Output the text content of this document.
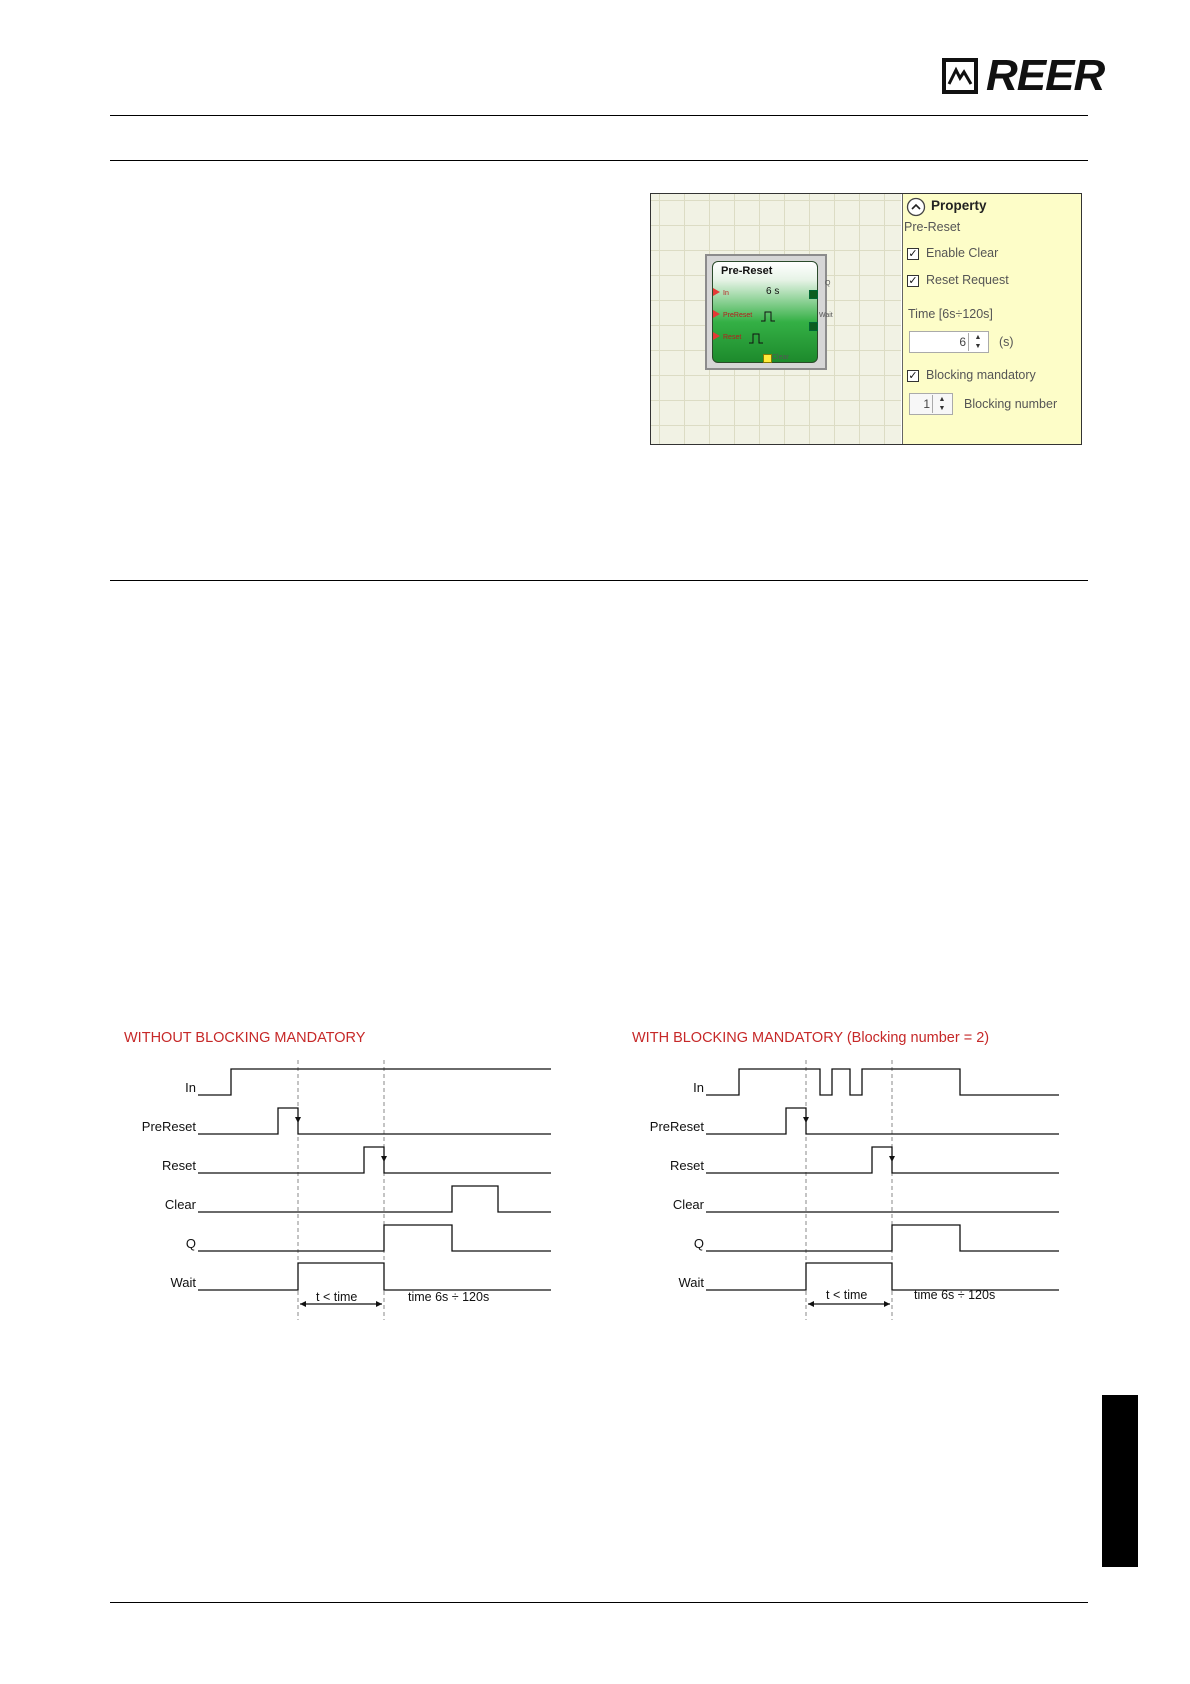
REER
Pre-Reset
6 s
In
PreReset
Reset
Clear
Q
Wait
Property
Pre-Reset
✓ Enable Clear
✓ Reset Request
Time [6s÷120s]
6	▲
▼	(s)
✓ Blocking mandatory
1	▲
▼	Blocking number
WITHOUT BLOCKING MANDATORY
In
PreReset
Reset
Clear
Q
Wait
t < time	time 6s ÷ 120s
WITH BLOCKING MANDATORY (Blocking number = 2)
In
PreReset
Reset
Clear
Q
Wait
t < time	time 6s ÷ 120s
